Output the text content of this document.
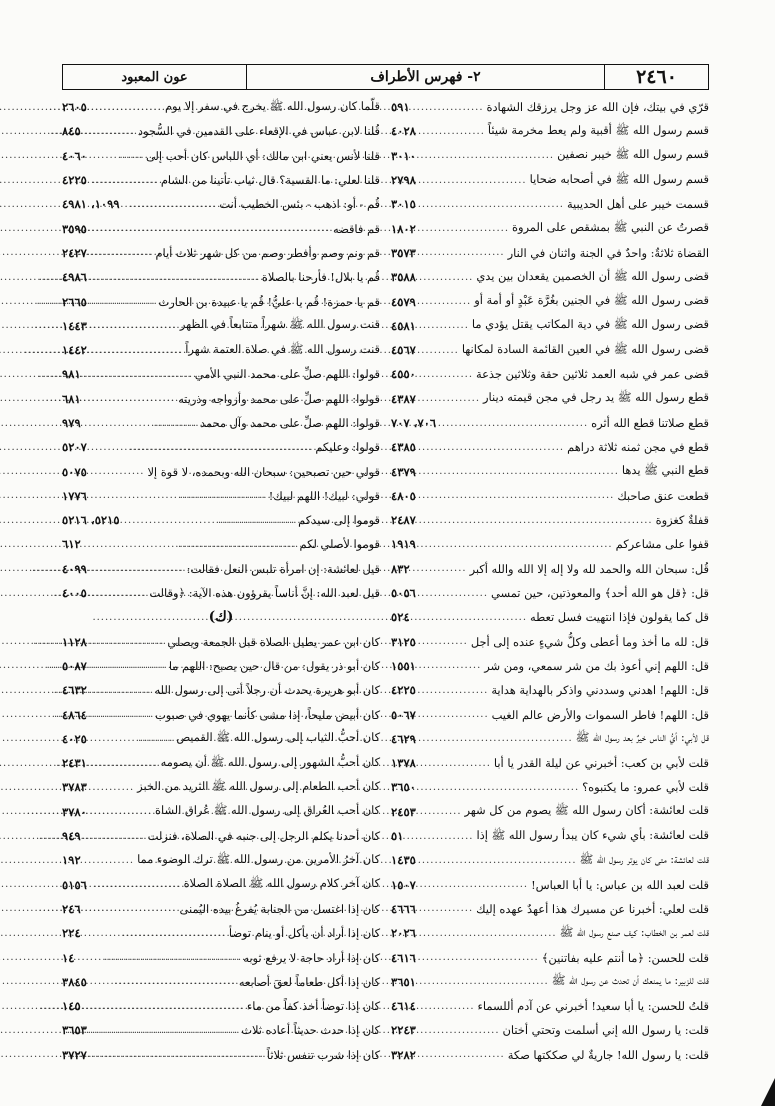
٢٤٦٠
٢- فهرس الأطراف
عون المعبود
قرّي في بيتك، فإن الله عز وجل يرزقك الشهادة
.....
٥٩١
قسم رسول الله ﷺ أقبية ولم يعط مخرمة شيئاً
.....
٤٠٢٨
قسم رسول الله ﷺ خيبر نصفين
.....
٣٠١٠
قسم رسول الله ﷺ في أصحابه ضحايا
.....
٢٧٩٨
قسمت خيبر على أهل الحديبية
.....
٣٠١٥
قصرتُ عن النبي ﷺ بمشقص على المروة
.....
١٨٠٢
القضاة ثلاثةٌ: واحدٌ في الجنة واثنان في النار
.....
٣٥٧٣
قضى رسول الله ﷺ أن الخصمين يقعدان بين يدي
.....
٣٥٨٨
قضى رسول الله ﷺ في الجنين بغُرَّة عَبْدٍ أو أمة أو
.....
٤٥٧٩
قضى رسول الله ﷺ في دية المكاتب يقتل يؤدي ما
.....
٤٥٨١
قضى رسول الله ﷺ في العين القائمة السادة لمكانها
.....
٤٥٦٧
قضى عمر في شبه العمد ثلاثين حقة وثلاثين جذعة
.....
٤٥٥٠
قطع رسول الله ﷺ يد رجل في مجن قيمته دينار
.....
٤٣٨٧
قطع صلاتنا قطع الله أثره
.....
٧٠٦، ٧٠٧
قطع في مجن ثمنه ثلاثة دراهم
.....
٤٣٨٥
قطع النبي ﷺ يدها
.....
٤٣٧٩
قطعت عنق صاحبك
.....
٤٨٠٥
قفلةٌ كغزوة
.....
٢٤٨٧
قفوا على مشاعركم
.....
١٩١٩
قُل: سبحان الله والحمد لله ولا إله إلا الله والله أكبر
.....
٨٣٢
قل: ﴿قل هو الله أحد﴾ والمعوذتين، حين تمسي
.....
٥٠٥٦
قل كما يقولون فإذا انتهيت فسل تعطه
.....
٥٢٤
قل: لله ما أخذ وما أعطى وكلُّ شيءٍ عنده إلى أجل
.....
٣١٢٥
قل: اللهم إني أعوذ بك من شر سمعي، ومن شر
.....
١٥٥١
قل: اللهم! اهدني وسددني واذكر بالهداية هداية
.....
٤٢٢٥
قل: اللهم! فاطر السموات والأرض عالم الغيب
.....
٥٠٦٧
قل لأبي: أيُّ الناس خيرٌ بعد رسول الله ﷺ
.....
٤٦٢٩
قلت لأبي بن كعب: أخبرني عن ليلة القدر يا أبا
.....
١٣٧٨
قلت لأبي عمرو: ما يكتبوه؟
.....
٣٦٥٠
قلت لعائشة: أكان رسول الله ﷺ يصوم من كل شهر
.....
٢٤٥٣
قلت لعائشة: بأي شيء كان يبدأ رسول الله ﷺ إذا
.....
٥١
قلت لعائشة: متى كان يوتر رسول الله ﷺ
.....
١٤٣٥
قلت لعبد الله بن عباس: يا أبا العباس!
.....
١٥٠٧
قلت لعلي: أخبرنا عن مسيرك هذا أعهدٌ عهده إليك
.....
٤٦٦٦
قلت لعمر بن الخطاب: كيف صنع رسول الله ﷺ
.....
٢٠٢٦
قلت للحسن: ﴿ما أنتم عليه بفاتنين﴾
.....
٤٦١٦
قلت للزبير: ما يمنعك أن تحدث عن رسول الله ﷺ
.....
٣٦٥١
قلتُ للحسن: يا أبا سعيد! أخبرني عن آدم أللسماء
.....
٤٦١٤
قلت: يا رسول الله إني أسلمت وتحتي أختان
.....
٢٢٤٣
قلت: يا رسول الله! جاريةٌ لي صككتها صكة
.....
٣٢٨٢
قلّما كان رسول الله ﷺ يخرج في سفر إلا يوم
.....
٢٦٠٥
قُلنا لابن عباس في الإقعاء على القدمين في السُّجود
.....
٨٤٥
قلنا لأنس يعني ابن مالك: أي اللباس كان أحب إلى
.....
٤٠٦٠
قلنا لعلي: ما القسية؟ قال ثياب تأتينا من الشام
.....
٤٢٢٥
قُم - أو: اذهب - بئس الخطيب أنت
.....
١٠٩٩، ٤٩٨١
قم فاقضه
.....
٣٥٩٥
قم ونم وصم وأفطر وصم من كل شهر ثلاث أيام
.....
٢٤٢٧
قُم يا بلال! فأرحنا بالصلاة
.....
٤٩٨٦
قم يا حمزة! قُم يا عليُّ! قُم يا عبيدة بن الحارث
.....
٢٦٦٥
قنت رسول الله ﷺ شهراً متتابعاً في الظهر
.....
١٤٤٣
قنت رسول الله ﷺ في صلاة العتمة شهراً
.....
١٤٤٢
قولوا: اللهم صلِّ على محمد النبي الأمي
.....
٩٨١
قولوا: اللهم صلِّ على محمد وأزواجه وذريته
.....
٦٨١
قولوا: اللهم صلِّ على محمد وآل محمد
.....
٩٧٩
قولوا: وعليكم
.....
٥٢٠٧
قولي حين تصبحين: سبحان الله وبحمده، لا قوة إلا
.....
٥٠٧٥
قولي: لبيك! اللهم لبيك!
.....
١٧٧٦
قوموا إلى سيدكم
.....
٥٢١٥، ٥٢١٦
قوموا لأصلي لكم
.....
٦١٢
قيل لعائشة: إن امرأة تلبس النعل فقالت:
.....
٤٠٩٩
قيل لعبد الله: إنَّ أناساً يقرؤون هذه الآية: ﴿وقالت
.....
٤٠٠٥
(ك)
كان ابن عمر يطيل الصلاة قبل الجمعة ويصلي
.....
١١٢٨
كان أبو ذر يقول: من قال حين يصبح: اللهم ما
.....
٥٠٨٧
كان أبو هريرة يحدث أن رجلاً أتى إلى رسول الله
.....
٤٦٣٢
كان أبيض مليحاً، إذا مشى كأنما يهوي في صبوب
.....
٤٨٦٤
كان أحبُّ الثياب إلى رسول الله ﷺ القميص
.....
٤٠٢٥
كان أحبُّ الشهور إلى رسول الله ﷺ أن يصومه
.....
٢٤٣١
كان أحب الطعام إلى رسول الله ﷺ الثريد من الخبز
.....
٣٧٨٣
كان أحب العُراق إلى رسول الله ﷺ عُراق الشاة
.....
٣٧٨٠
كان أحدنا يكلم الرجل إلى جنبه في الصلاة، فنزلت
.....
٩٤٩
كان آخرُ الأمرين من رسول الله ﷺ ترك الوضوء مما
.....
١٩٢
كان آخر كلام رسول الله ﷺ الصلاة الصلاة
.....
٥١٥٦
كان إذا اغتسل من الجنابة يُفرغُ بيده اليُمنى
.....
٢٤٦
كان إذا أراد أن يأكل أو ينام توضأ
.....
٢٢٤
كان إذا أراد حاجة لا يرفع ثوبه
.....
١٤
كان إذا أكل طعاماً لعقَ أصابعه
.....
٣٨٤٥
كان إذا توضأ أخذ كفاً من ماء
.....
١٤٥
كان إذا حدث حديثاً أعاده ثلاث
.....
٣٦٥٣
كان إذا شرب تنفس ثلاثاً
.....
٣٧٢٧
